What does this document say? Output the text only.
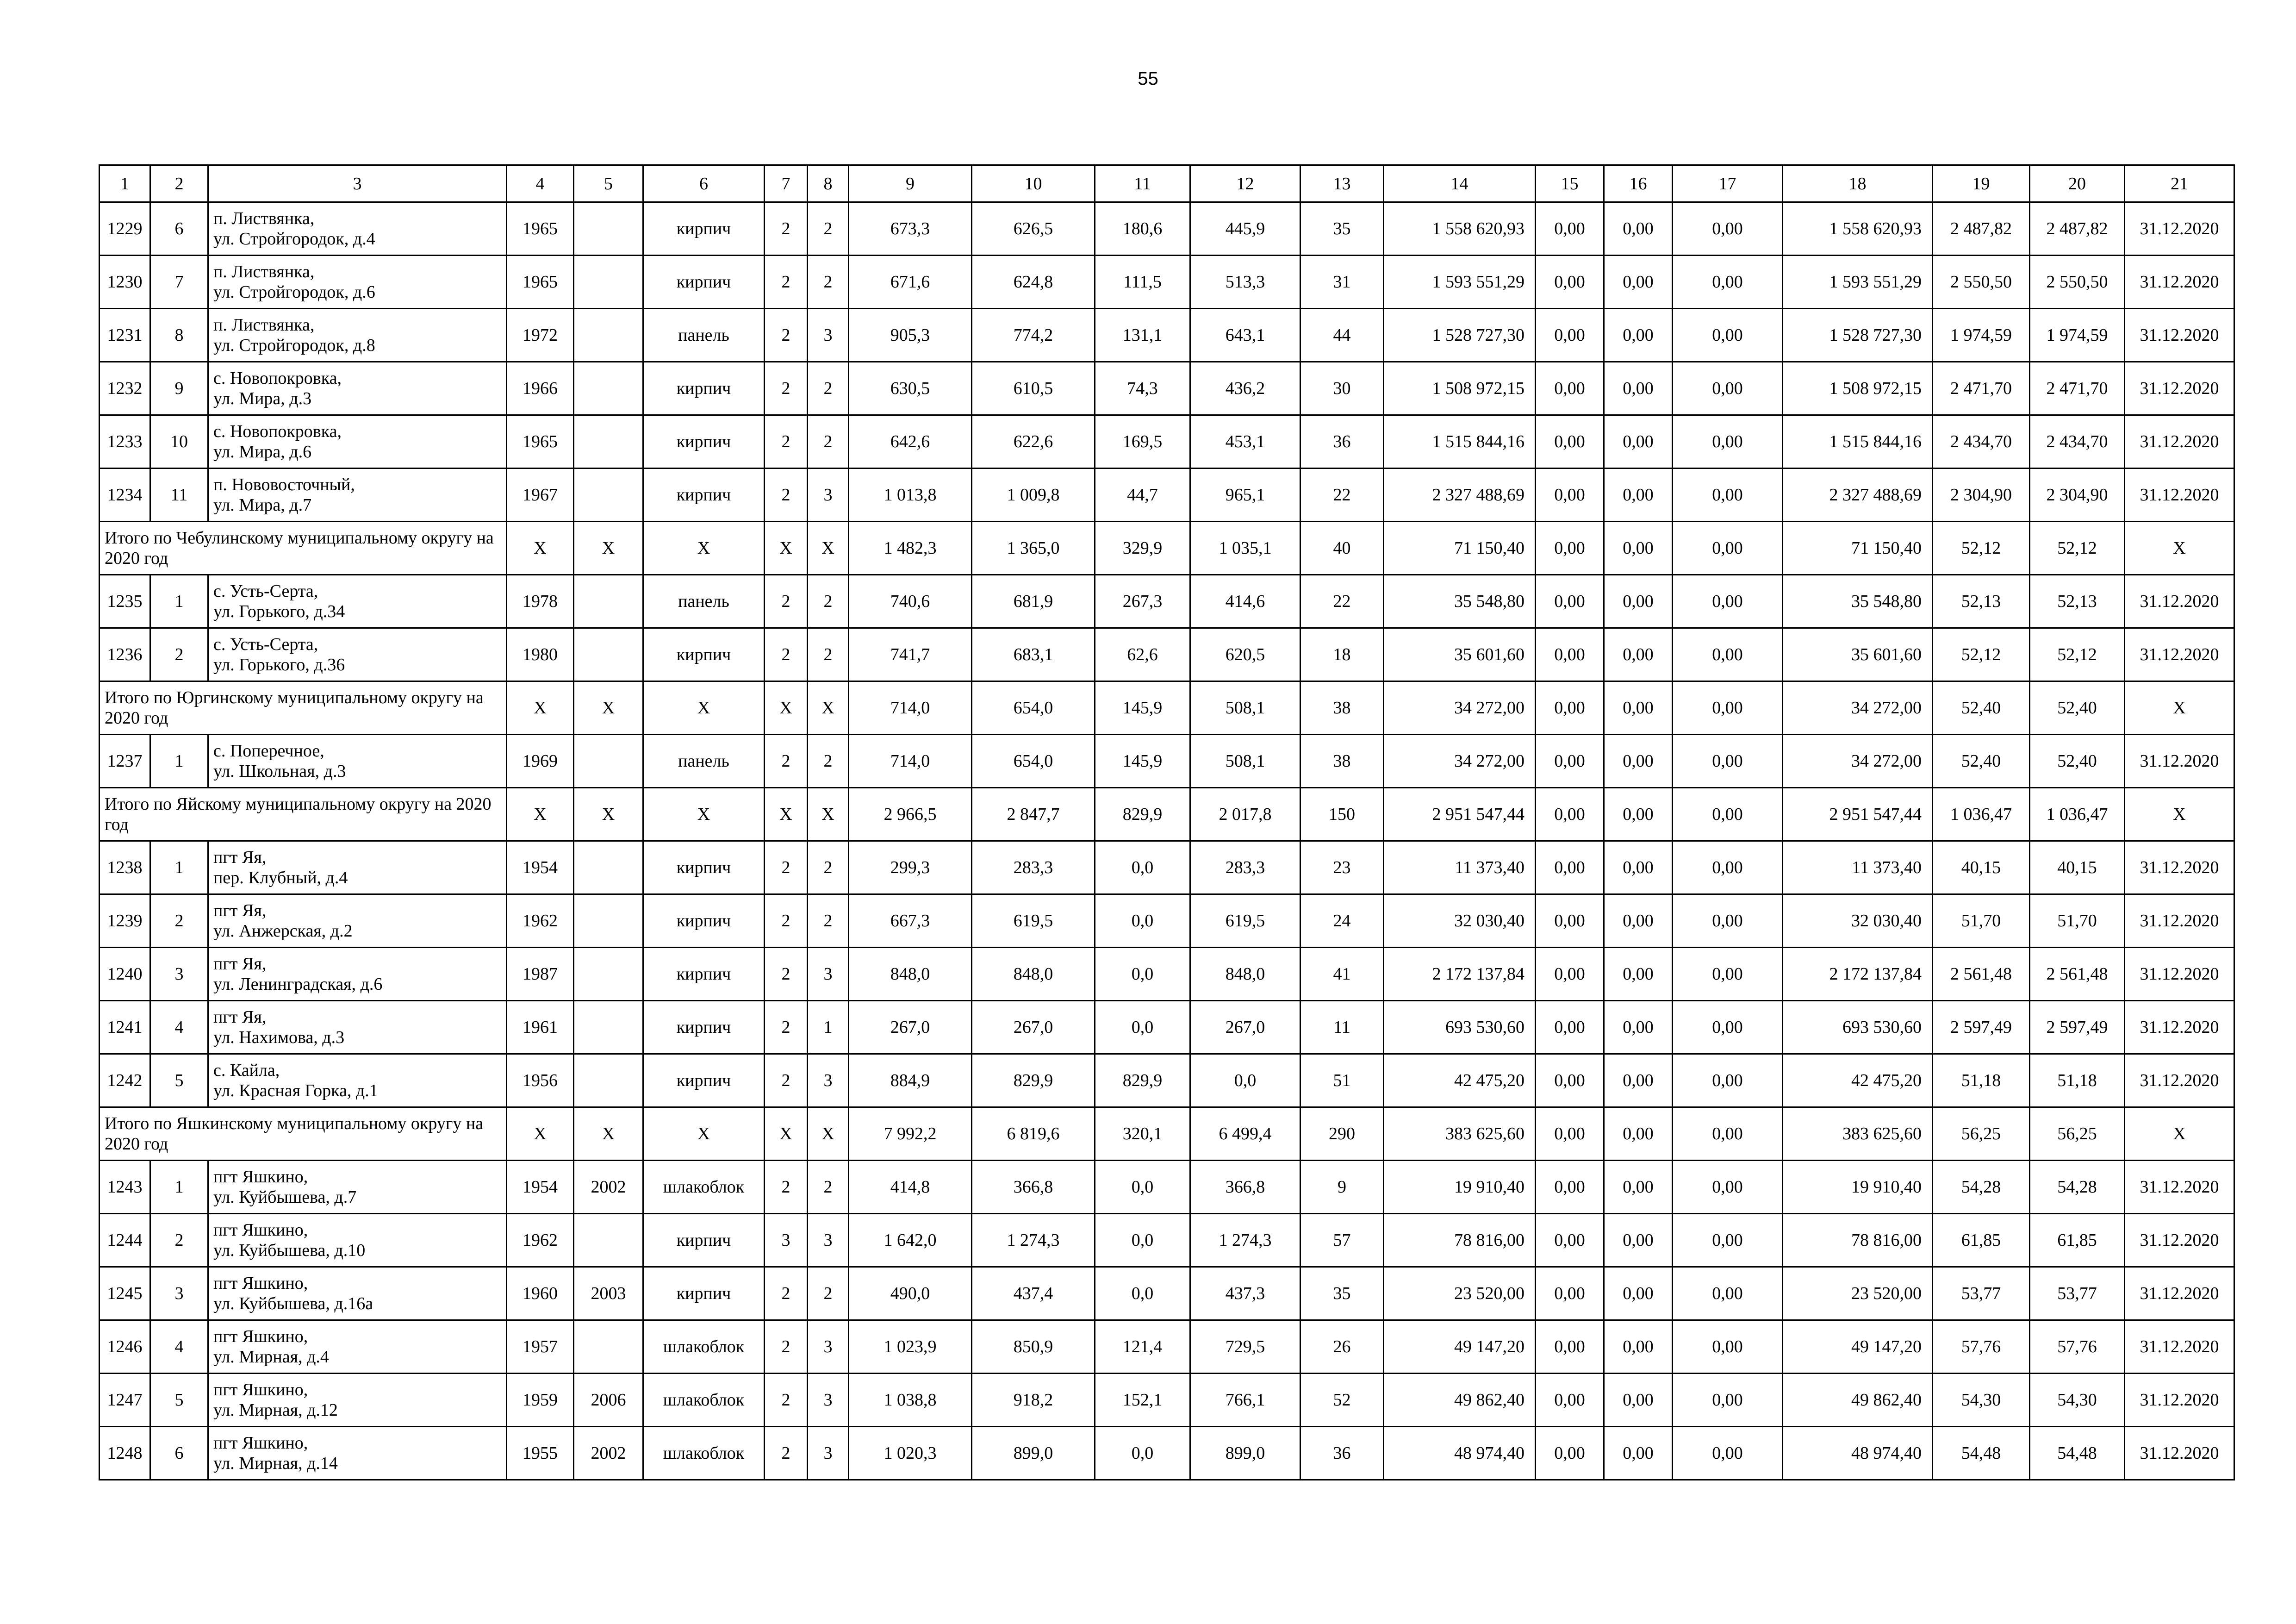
55
1	2	3	4	5	6	7	8	9	10	11	12	13	14	15	16	17	18	19	20	21
1229	6	п. Листвянка,
ул. Стройгородок, д.4	1965		кирпич	2	2	673,3	626,5	180,6	445,9	35	1 558 620,93	0,00	0,00	0,00	1 558 620,93	2 487,82	2 487,82	31.12.2020
1230	7	п. Листвянка,
ул. Стройгородок, д.6	1965		кирпич	2	2	671,6	624,8	111,5	513,3	31	1 593 551,29	0,00	0,00	0,00	1 593 551,29	2 550,50	2 550,50	31.12.2020
1231	8	п. Листвянка,
ул. Стройгородок, д.8	1972		панель	2	3	905,3	774,2	131,1	643,1	44	1 528 727,30	0,00	0,00	0,00	1 528 727,30	1 974,59	1 974,59	31.12.2020
1232	9	с. Новопокровка,
ул. Мира, д.3	1966		кирпич	2	2	630,5	610,5	74,3	436,2	30	1 508 972,15	0,00	0,00	0,00	1 508 972,15	2 471,70	2 471,70	31.12.2020
1233	10	с. Новопокровка,
ул. Мира, д.6	1965		кирпич	2	2	642,6	622,6	169,5	453,1	36	1 515 844,16	0,00	0,00	0,00	1 515 844,16	2 434,70	2 434,70	31.12.2020
1234	11	п. Нововосточный,
ул. Мира, д.7	1967		кирпич	2	3	1 013,8	1 009,8	44,7	965,1	22	2 327 488,69	0,00	0,00	0,00	2 327 488,69	2 304,90	2 304,90	31.12.2020
Итого по Чебулинскому муниципальному округу на 2020 год			X	X	X	X	X	1 482,3	1 365,0	329,9	1 035,1	40	71 150,40	0,00	0,00	0,00	71 150,40	52,12	52,12	X
1235	1	с. Усть-Серта,
ул. Горького, д.34	1978		панель	2	2	740,6	681,9	267,3	414,6	22	35 548,80	0,00	0,00	0,00	35 548,80	52,13	52,13	31.12.2020
1236	2	с. Усть-Серта,
ул. Горького, д.36	1980		кирпич	2	2	741,7	683,1	62,6	620,5	18	35 601,60	0,00	0,00	0,00	35 601,60	52,12	52,12	31.12.2020
Итого по Юргинскому муниципальному округу на 2020 год			X	X	X	X	X	714,0	654,0	145,9	508,1	38	34 272,00	0,00	0,00	0,00	34 272,00	52,40	52,40	X
1237	1	с. Поперечное,
ул. Школьная, д.3	1969		панель	2	2	714,0	654,0	145,9	508,1	38	34 272,00	0,00	0,00	0,00	34 272,00	52,40	52,40	31.12.2020
Итого по Яйскому муниципальному округу на 2020 год			X	X	X	X	X	2 966,5	2 847,7	829,9	2 017,8	150	2 951 547,44	0,00	0,00	0,00	2 951 547,44	1 036,47	1 036,47	X
1238	1	пгт Яя,
пер. Клубный, д.4	1954		кирпич	2	2	299,3	283,3	0,0	283,3	23	11 373,40	0,00	0,00	0,00	11 373,40	40,15	40,15	31.12.2020
1239	2	пгт Яя,
ул. Анжерская, д.2	1962		кирпич	2	2	667,3	619,5	0,0	619,5	24	32 030,40	0,00	0,00	0,00	32 030,40	51,70	51,70	31.12.2020
1240	3	пгт Яя,
ул. Ленинградская, д.6	1987		кирпич	2	3	848,0	848,0	0,0	848,0	41	2 172 137,84	0,00	0,00	0,00	2 172 137,84	2 561,48	2 561,48	31.12.2020
1241	4	пгт Яя,
ул. Нахимова, д.3	1961		кирпич	2	1	267,0	267,0	0,0	267,0	11	693 530,60	0,00	0,00	0,00	693 530,60	2 597,49	2 597,49	31.12.2020
1242	5	с. Кайла,
ул. Красная Горка, д.1	1956		кирпич	2	3	884,9	829,9	829,9	0,0	51	42 475,20	0,00	0,00	0,00	42 475,20	51,18	51,18	31.12.2020
Итого по Яшкинскому муниципальному округу на 2020 год			X	X	X	X	X	7 992,2	6 819,6	320,1	6 499,4	290	383 625,60	0,00	0,00	0,00	383 625,60	56,25	56,25	X
1243	1	пгт Яшкино,
ул. Куйбышева, д.7	1954	2002	шлакоблок	2	2	414,8	366,8	0,0	366,8	9	19 910,40	0,00	0,00	0,00	19 910,40	54,28	54,28	31.12.2020
1244	2	пгт Яшкино,
ул. Куйбышева, д.10	1962		кирпич	3	3	1 642,0	1 274,3	0,0	1 274,3	57	78 816,00	0,00	0,00	0,00	78 816,00	61,85	61,85	31.12.2020
1245	3	пгт Яшкино,
ул. Куйбышева, д.16а	1960	2003	кирпич	2	2	490,0	437,4	0,0	437,3	35	23 520,00	0,00	0,00	0,00	23 520,00	53,77	53,77	31.12.2020
1246	4	пгт Яшкино,
ул. Мирная, д.4	1957		шлакоблок	2	3	1 023,9	850,9	121,4	729,5	26	49 147,20	0,00	0,00	0,00	49 147,20	57,76	57,76	31.12.2020
1247	5	пгт Яшкино,
ул. Мирная, д.12	1959	2006	шлакоблок	2	3	1 038,8	918,2	152,1	766,1	52	49 862,40	0,00	0,00	0,00	49 862,40	54,30	54,30	31.12.2020
1248	6	пгт Яшкино,
ул. Мирная, д.14	1955	2002	шлакоблок	2	3	1 020,3	899,0	0,0	899,0	36	48 974,40	0,00	0,00	0,00	48 974,40	54,48	54,48	31.12.2020
